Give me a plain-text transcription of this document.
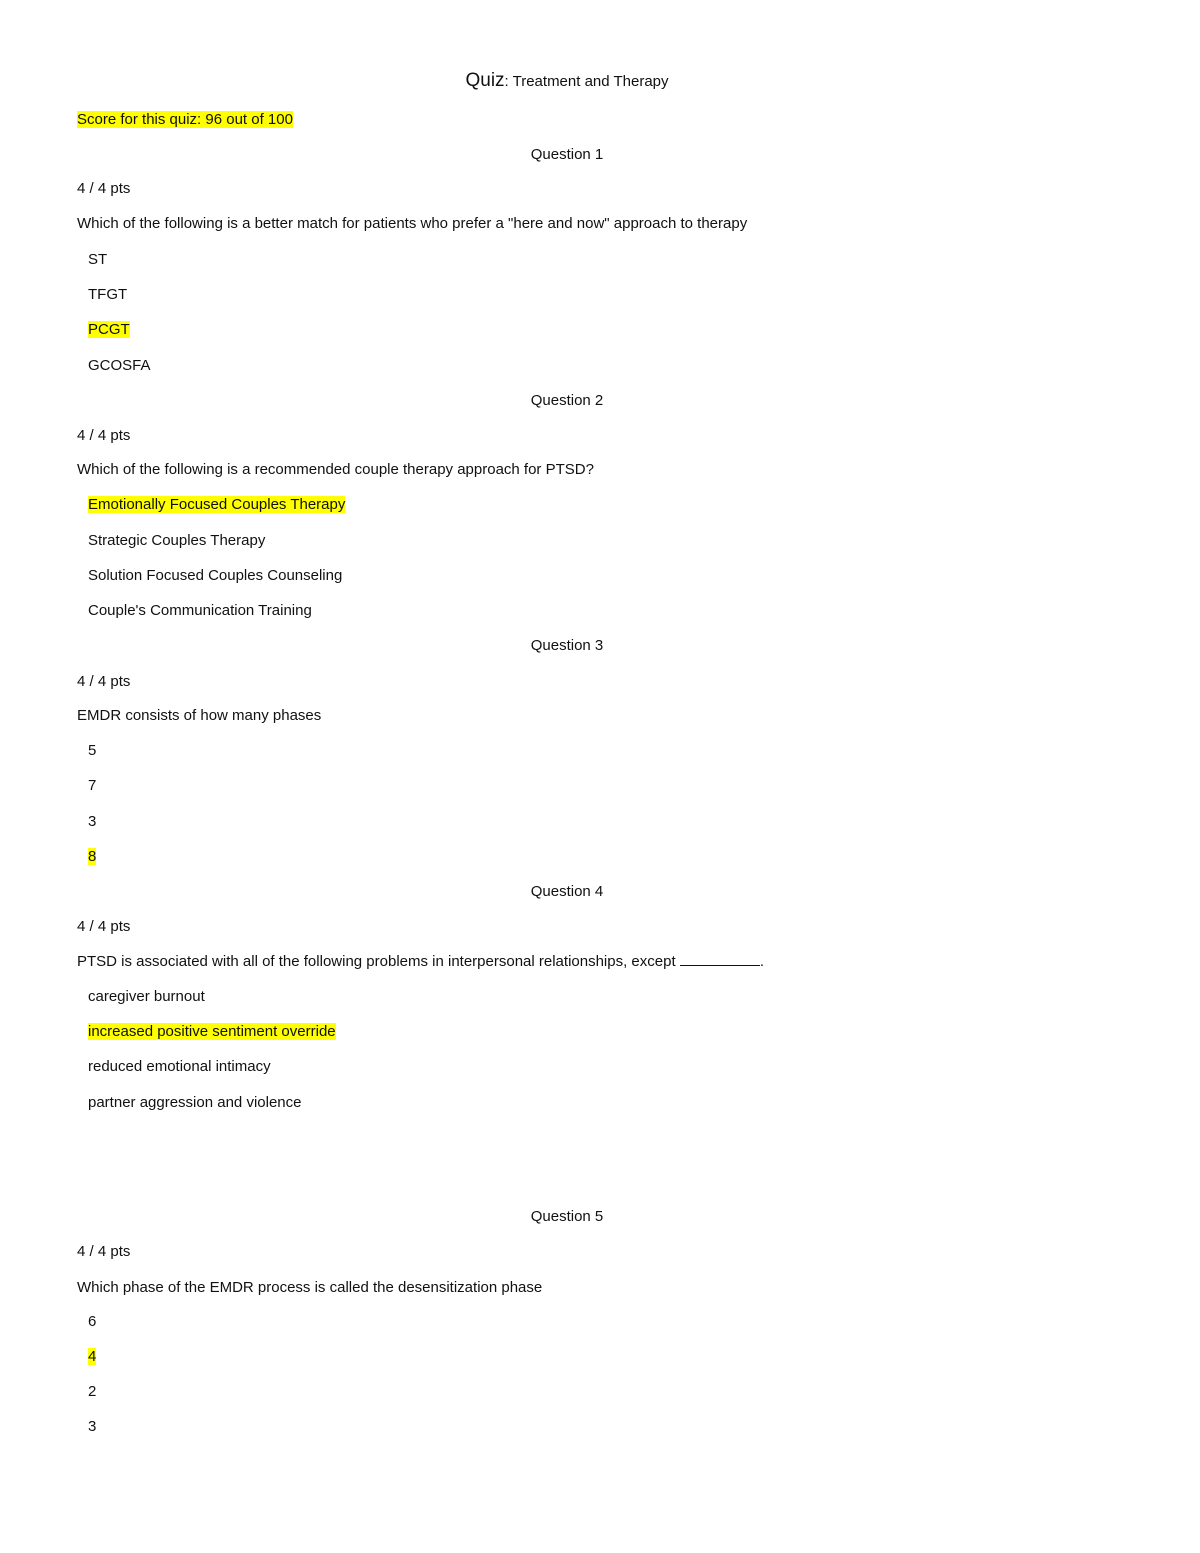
Quiz: Treatment and Therapy
Score for this quiz: 96 out of 100
Question 1
4 / 4 pts
Which of the following is a better match for patients who prefer a "here and now" approach to therapy
ST
TFGT
PCGT
GCOSFA
Question 2
4 / 4 pts
Which of the following is a recommended couple therapy approach for PTSD?
Emotionally Focused Couples Therapy
Strategic Couples Therapy
Solution Focused Couples Counseling
Couple's Communication Training
Question 3
4 / 4 pts
EMDR consists of how many phases
5
7
3
8
Question 4
4 / 4 pts
PTSD is associated with all of the following problems in interpersonal relationships, except	.
caregiver burnout
increased positive sentiment override
reduced emotional intimacy
partner aggression and violence
Question 5
4 / 4 pts
Which phase of the EMDR process is called the desensitization phase
6
4
2
3
